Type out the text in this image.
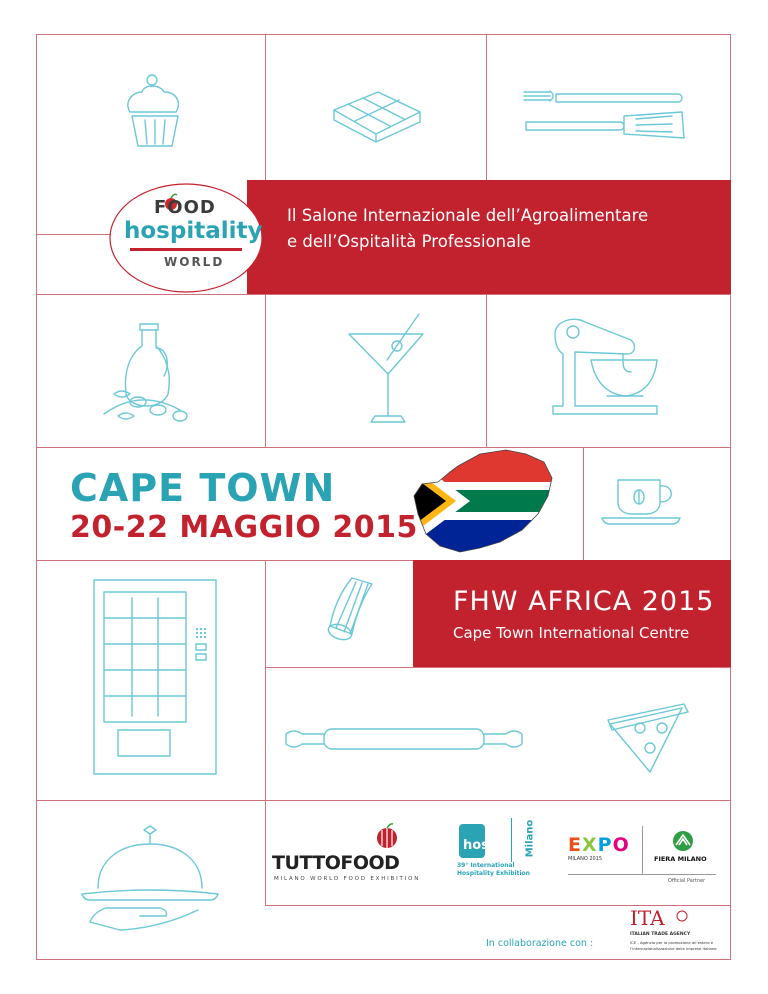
Il Salone Internazionale dell’Agroalimentare
e dell’Ospitalità Professionale
FOOD
hospitality
WORLD
CAPE TOWN
20-22 MAGGIO 2015
FHW AFRICA 2015
Cape Town International Centre
TUTTOFOOD
MILANO WORLD FOOD EXHIBITION
host	Milano
39° International
Hospitality Exhibition
EXPO
MILANO 2015	FIERA MILANO
Official Partner
In collaborazione con :
ITA
ITALIAN TRADE AGENCY
ICE - Agenzia per la promozione all’estero e
l’internazionalizzazione delle imprese italiane
